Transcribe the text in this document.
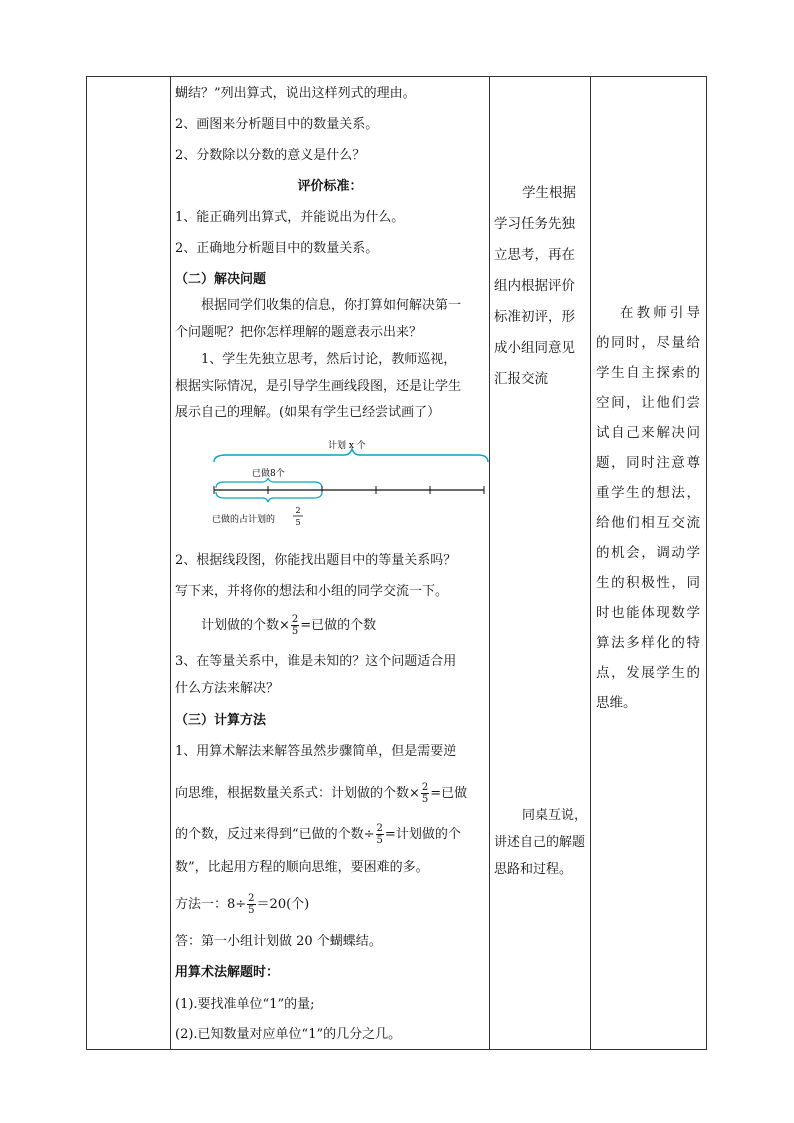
蝴结？”列出算式，说出这样列式的理由。
2、画图来分析题目中的数量关系。
2、分数除以分数的意义是什么？
评价标准：
1、能正确列出算式，并能说出为什么。
2、正确地分析题目中的数量关系。
（二）解决问题
根据同学们收集的信息，你打算如何解决第一
个问题呢？把你怎样理解的题意表示出来？
1、学生先独立思考，然后讨论，教师巡视，
根据实际情况，是引导学生画线段图，还是让学生
展示自己的理解。(如果有学生已经尝试画了）
计划 x 个
已做8个
已做的占计划的
2
5
2、根据线段图，你能找出题目中的等量关系吗？
写下来，并将你的想法和小组的同学交流一下。
计划做的个数× $\frac{2}{5}$ =已做的个数
3、在等量关系中，谁是未知的？这个问题适合用
什么方法来解决？
（三）计算方法
1、用算术解法来解答虽然步骤简单，但是需要逆
向思维，根据数量关系式：计划做的个数× $\frac{2}{5}$ =已做
的个数，反过来得到“已做的个数÷ $\frac{2}{5}$ =计划做的个
数”，比起用方程的顺向思维，要困难的多。
方法一：$8\div \frac{2}{5} =20$(个)
答：第一小组计划做 20 个蝴蝶结。
用算术法解题时：
(1).要找准单位“1”的量;
(2).已知数量对应单位“1”的几分之几。
学生根据学习任务先独立思考，再在组内根据评价标准初评，形成小组同意见汇报交流
同桌互说，讲述自己的解题思路和过程。
在教师引导的同时，尽量给学生自主探索的空间，让他们尝试自己来解决问题，同时注意尊重学生的想法，给他们相互交流的机会，调动学生的积极性，同时也能体现数学算法多样化的特点，发展学生的思维。
